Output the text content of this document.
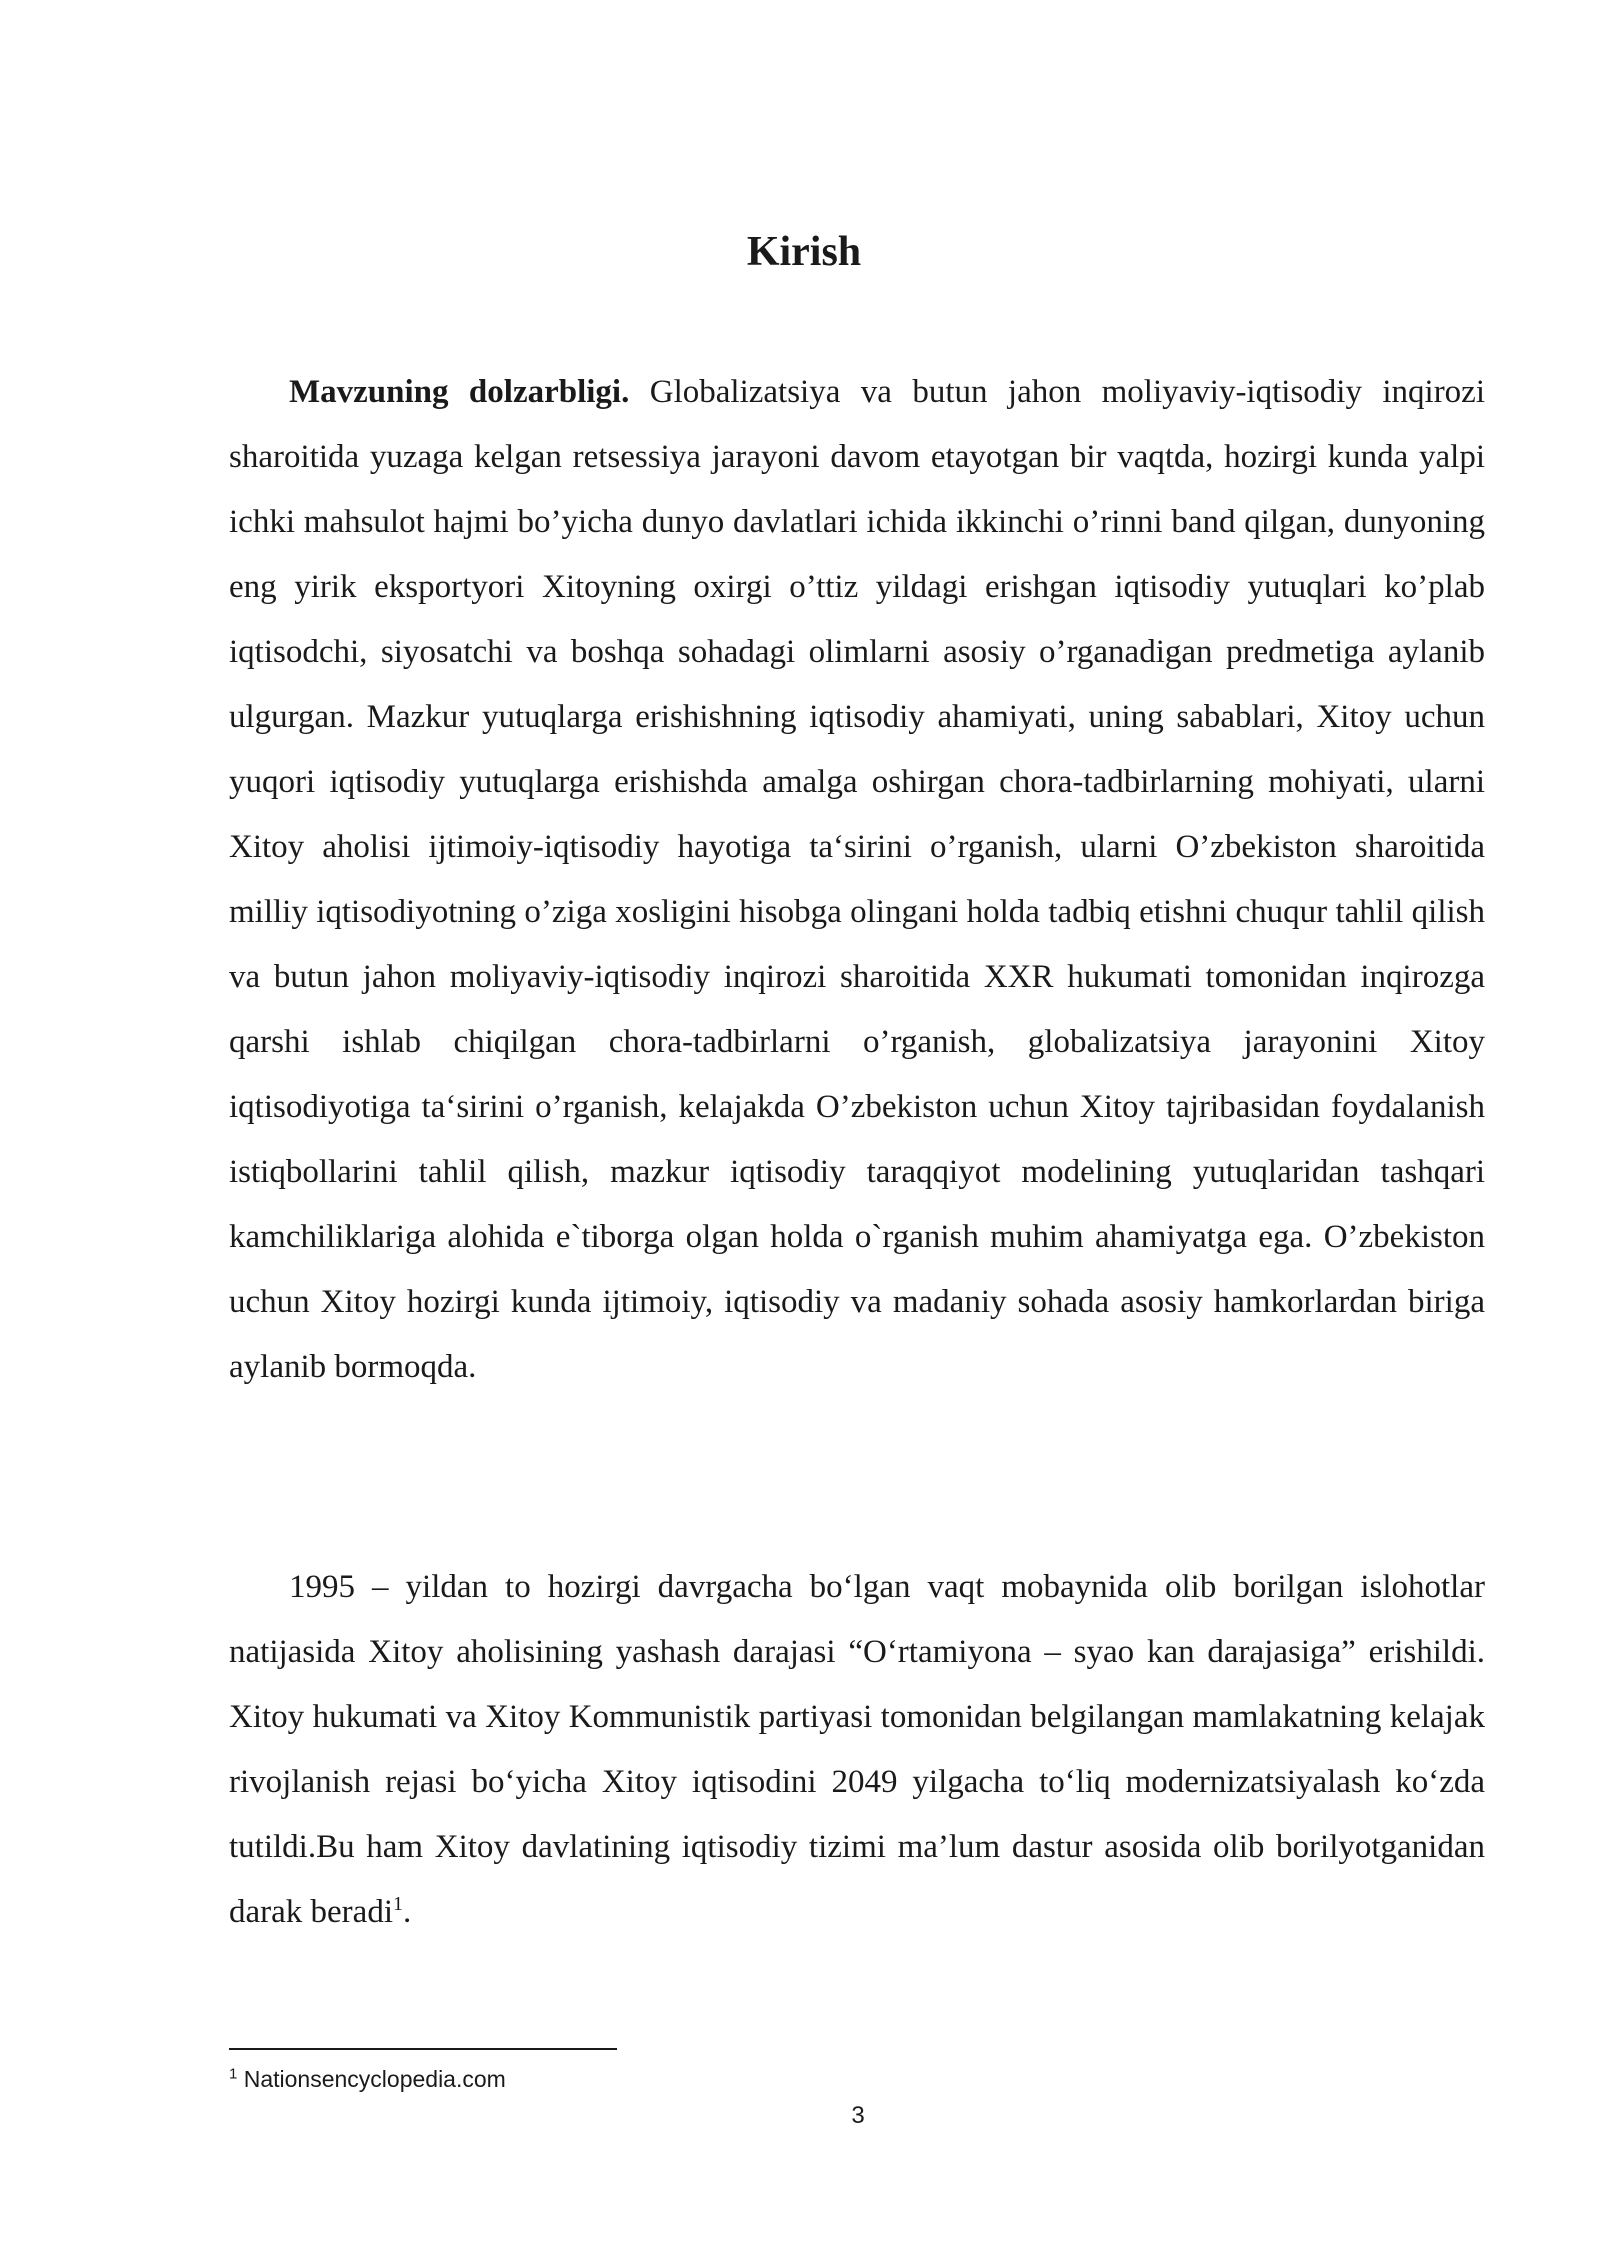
Kirish

Mavzuning dolzarbligi. Globalizatsiya va butun jahon moliyaviy-iqtisodiy inqirozi sharoitida yuzaga kelgan retsessiya jarayoni davom etayotgan bir vaqtda, hozirgi kunda yalpi ichki mahsulot hajmi bo’yicha dunyo davlatlari ichida ikkinchi o’rinni band qilgan, dunyoning eng yirik eksportyori Xitoyning oxirgi o’ttiz yildagi erishgan iqtisodiy yutuqlari ko’plab iqtisodchi, siyosatchi va boshqa sohadagi olimlarni asosiy o’rganadigan predmetiga aylanib ulgurgan. Mazkur yutuqlarga erishishning iqtisodiy ahamiyati, uning sabablari, Xitoy uchun yuqori iqtisodiy yutuqlarga erishishda amalga oshirgan chora-tadbirlarning mohiyati, ularni Xitoy aholisi ijtimoiy-iqtisodiy hayotiga ta‘sirini o’rganish, ularni O’zbekiston sharoitida milliy iqtisodiyotning o’ziga xosligini hisobga olingani holda tadbiq etishni chuqur tahlil qilish va butun jahon moliyaviy-iqtisodiy inqirozi sharoitida XXR hukumati tomonidan inqirozga qarshi ishlab chiqilgan chora-tadbirlarni o’rganish, globalizatsiya jarayonini Xitoy iqtisodiyotiga ta‘sirini o’rganish, kelajakda O’zbekiston uchun Xitoy tajribasidan foydalanish istiqbollarini tahlil qilish, mazkur iqtisodiy taraqqiyot modelining yutuqlaridan tashqari kamchiliklariga alohida e`tiborga olgan holda o`rganish muhim ahamiyatga ega. O’zbekiston uchun Xitoy hozirgi kunda ijtimoiy, iqtisodiy va madaniy sohada asosiy hamkorlardan biriga aylanib bormoqda.

1995 – yildan to hozirgi davrgacha bo‘lgan vaqt mobaynida olib borilgan islohotlar natijasida Xitoy aholisining yashash darajasi “O‘rtamiyona – syao kan darajasiga” erishildi. Xitoy hukumati va Xitoy Kommunistik partiyasi tomonidan belgilangan mamlakatning kelajak rivojlanish rejasi bo‘yicha Xitoy iqtisodini 2049 yilgacha to‘liq modernizatsiyalash ko‘zda tutildi.Bu ham Xitoy davlatining iqtisodiy tizimi ma’lum dastur asosida olib borilyotganidan darak beradi$^1$.

$^1$ Nationsencyclopedia.com

3
